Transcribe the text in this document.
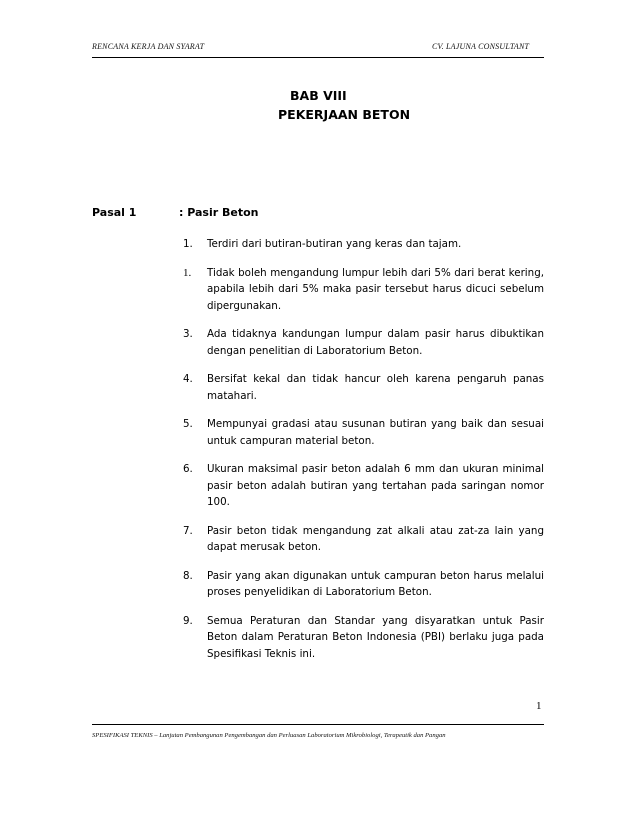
RENCANA KERJA DAN SYARAT	CV. LAJUNA CONSULTANT
BAB VIII
PEKERJAAN BETON
Pasal 1	: Pasir Beton
1.	Terdiri dari butiran-butiran yang keras dan tajam.
1.	Tidak boleh mengandung lumpur lebih dari 5% dari berat kering, apabila lebih dari 5% maka pasir tersebut harus dicuci sebelum dipergunakan.
3.	Ada tidaknya kandungan lumpur dalam pasir harus dibuktikan dengan penelitian di Laboratorium Beton.
4.	Bersifat kekal dan tidak hancur oleh karena pengaruh panas matahari.
5.	Mempunyai gradasi atau susunan butiran yang baik dan sesuai untuk campuran material beton.
6.	Ukuran maksimal pasir beton adalah 6 mm dan ukuran minimal pasir beton adalah butiran yang tertahan pada saringan nomor 100.
7.	Pasir beton tidak mengandung zat alkali atau zat-za lain yang dapat merusak beton.
8.	Pasir yang akan digunakan untuk campuran beton harus melalui proses penyelidikan di Laboratorium Beton.
9.	Semua Peraturan dan Standar yang disyaratkan untuk Pasir Beton dalam Peraturan Beton Indonesia (PBI) berlaku juga pada Spesifikasi Teknis ini.
1
SPESIFIKASI TEKNIS – Lanjutan Pembangunan Pengembangan dan Perluasan Laboratorium Mikrobiologi, Terapeutik dan Pangan
